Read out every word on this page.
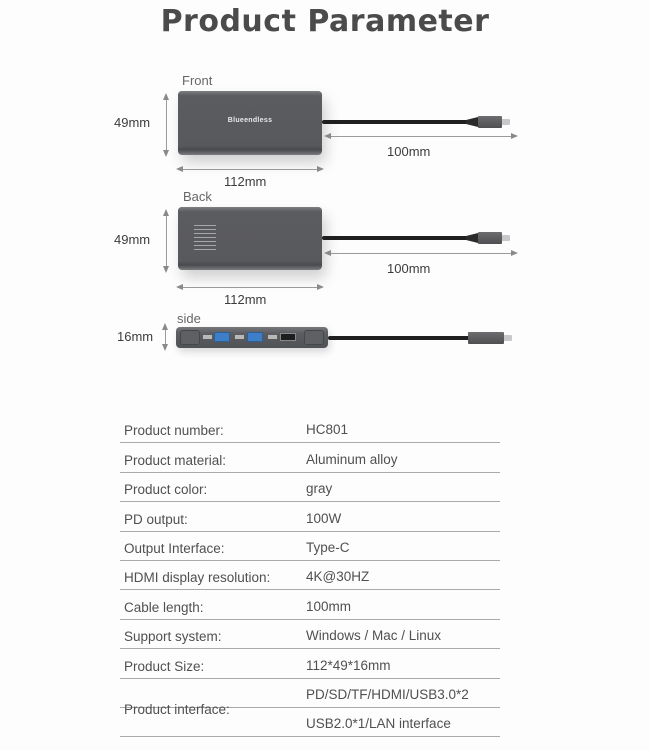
Product Parameter
Front
49mm	Blueendless
100mm
112mm
Back
49mm
100mm
112mm
side
16mm
Product number:	HC801
Product material:	Aluminum alloy
Product color:	gray
PD output:	100W
Output Interface:	Type-C
HDMI display resolution:	4K@30HZ
Cable length:	100mm
Support system:	Windows / Mac / Linux
Product Size:	112*49*16mm
Product interface:
PD/SD/TF/HDMI/USB3.0*2
USB2.0*1/LAN interface
